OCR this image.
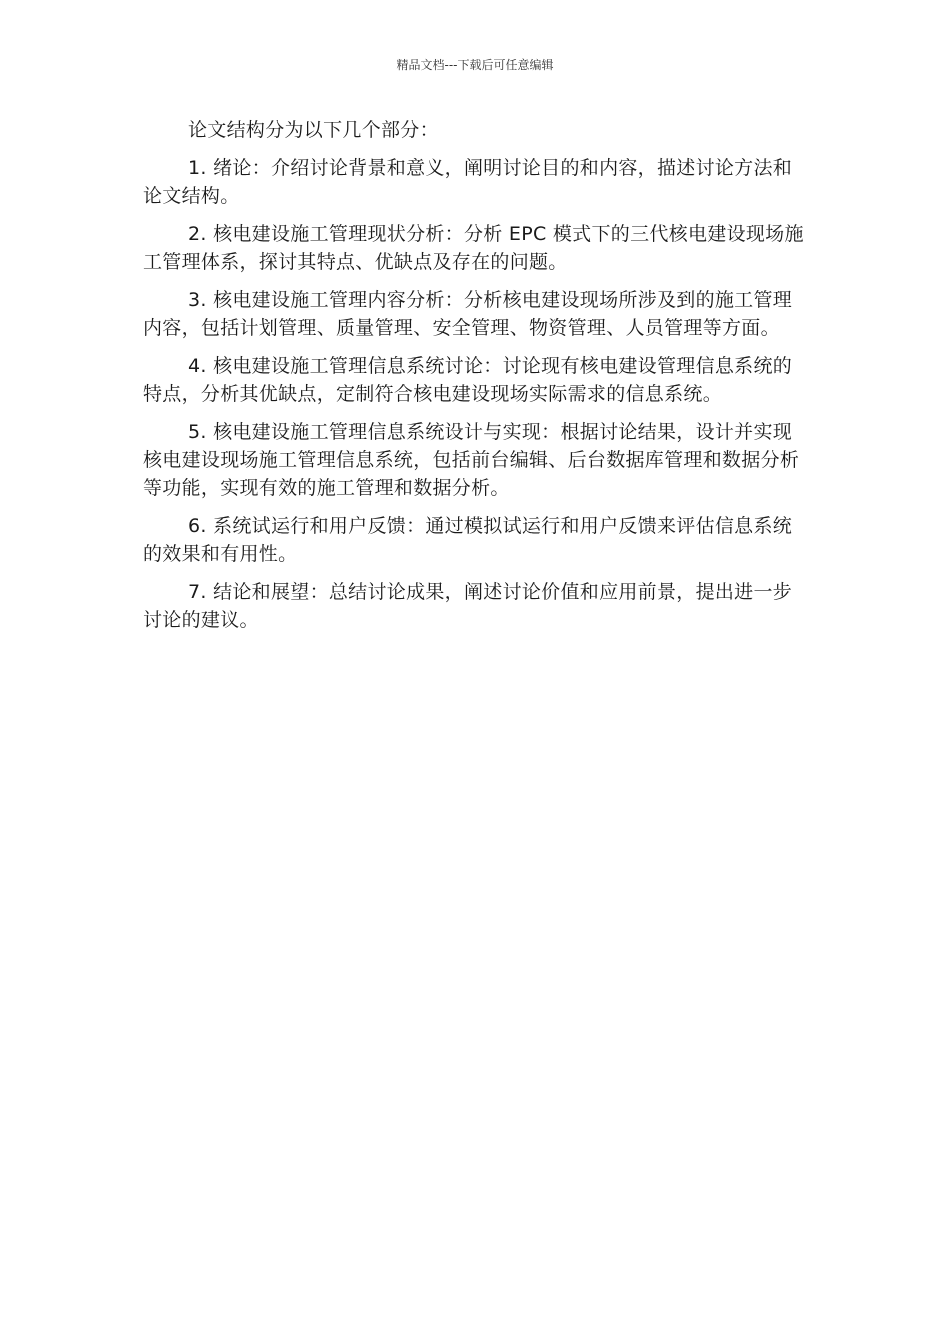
精品文档---下载后可任意编辑

论文结构分为以下几个部分：

1. 绪论：介绍讨论背景和意义，阐明讨论目的和内容，描述讨论方法和论文结构。

2. 核电建设施工管理现状分析：分析 EPC 模式下的三代核电建设现场施工管理体系，探讨其特点、优缺点及存在的问题。

3. 核电建设施工管理内容分析：分析核电建设现场所涉及到的施工管理内容，包括计划管理、质量管理、安全管理、物资管理、人员管理等方面。

4. 核电建设施工管理信息系统讨论：讨论现有核电建设管理信息系统的特点，分析其优缺点，定制符合核电建设现场实际需求的信息系统。

5. 核电建设施工管理信息系统设计与实现：根据讨论结果，设计并实现核电建设现场施工管理信息系统，包括前台编辑、后台数据库管理和数据分析等功能，实现有效的施工管理和数据分析。

6. 系统试运行和用户反馈：通过模拟试运行和用户反馈来评估信息系统的效果和有用性。

7. 结论和展望：总结讨论成果，阐述讨论价值和应用前景，提出进一步讨论的建议。
